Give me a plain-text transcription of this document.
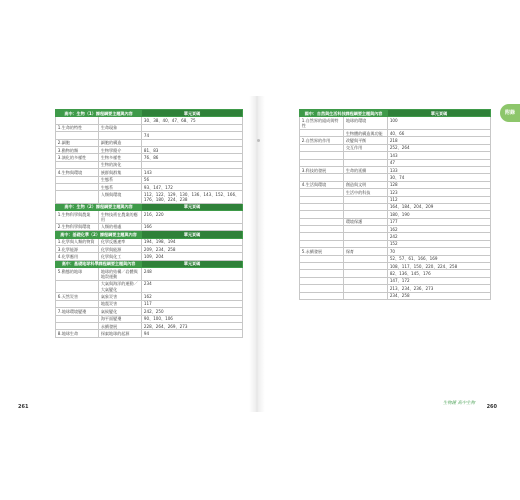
高中：生物（1）課程綱要主題與內容		單元頁碼
		30、38、40、47、68、75
1.生命的特性	生命現象	
		74
2.細胞	細胞的構造	
3.動物的類	生物學簡介	81、83
3.演化的多樣性	生物多樣性	76、86
	生物的演化	
4.生物與環境	族群與群集	143
	生態系	56
	生態系	93、147、172
	人類與環境	112、122、129、130、136、143、152、166、176、180、224、238
高中：生物（2）課程綱要主題與內容		單元頁碼
1.生物科學與農業	生物技術在農業的應用	216、220
2.生物科學與環境	人類的相處	166
高中：基礎化學（2）課程綱要主題與內容		單元頁碼
1.化學與人類的物質	化學反應速率	194、198、194
3.化學能源	化學與能源	209、234、258
4.化學應用	化學與化工	109、204
高中：基礎地球科學課程綱要主題與內容		單元頁碼
5.動態的地球	地球的結構／岩體與地殼運動	248
	大氣與海洋的運動／大氣變化	234
6.天然災害	氣象災害	162
	地震災害	117
7.地球環境變遷	氣候變化	242、250
	海平面變遷	90、100、106
	永續發展	228、264、269、273
8.地球生命	探索地球的起源	94
261
國中：自然與生活科技課程綱要主題與內容		單元頁碼
1.自然界的組成與特性	地球的環境	100
	生物體的構造與功能	40、66
2.自然界的作用	改變與平衡	218
	交互作用	252、264
		143
		47
3.科技的發展	生命的延續	133
		30、74
4.生活與環境	創造與文明	128
	生活中的科技	123
		112
		164、184、204、209
		180、190
	環境保護	177
		162
		242
		152
5.永續發展	保育	70
		52、57、61、166、169
		108、117、150、220、224、258
		82、136、145、176
		147、172
		213、234、236、273
		234、258
生物鐘 高中生物
260
附錄
